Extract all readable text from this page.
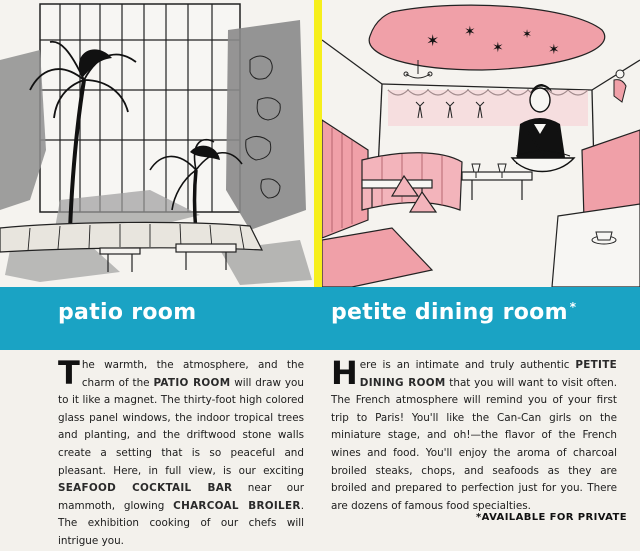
✶ ✶
✶
✶
✶
patio room	petite dining room *

The warmth, the atmosphere, and the charm of the PATIO ROOM will draw you to it like a magnet. The thirty-foot high colored glass panel windows, the indoor tropical trees and planting, and the driftwood stone walls create a setting that is so peaceful and pleasant. Here, in full view, is our exciting SEAFOOD COCKTAIL BAR near our mammoth, glowing CHARCOAL BROILER. The exhibition cooking of our chefs will intrigue you.

Here is an intimate and truly authentic PETITE DINING ROOM that you will want to visit often. The French atmosphere will remind you of your first trip to Paris! You'll like the Can-Can girls on the miniature stage, and oh!—the flavor of the French wines and food. You'll enjoy the aroma of charcoal broiled steaks, chops, and seafoods as they are broiled and prepared to perfection just for you. There are dozens of famous food specialties.

*AVAILABLE FOR PRIVATE
